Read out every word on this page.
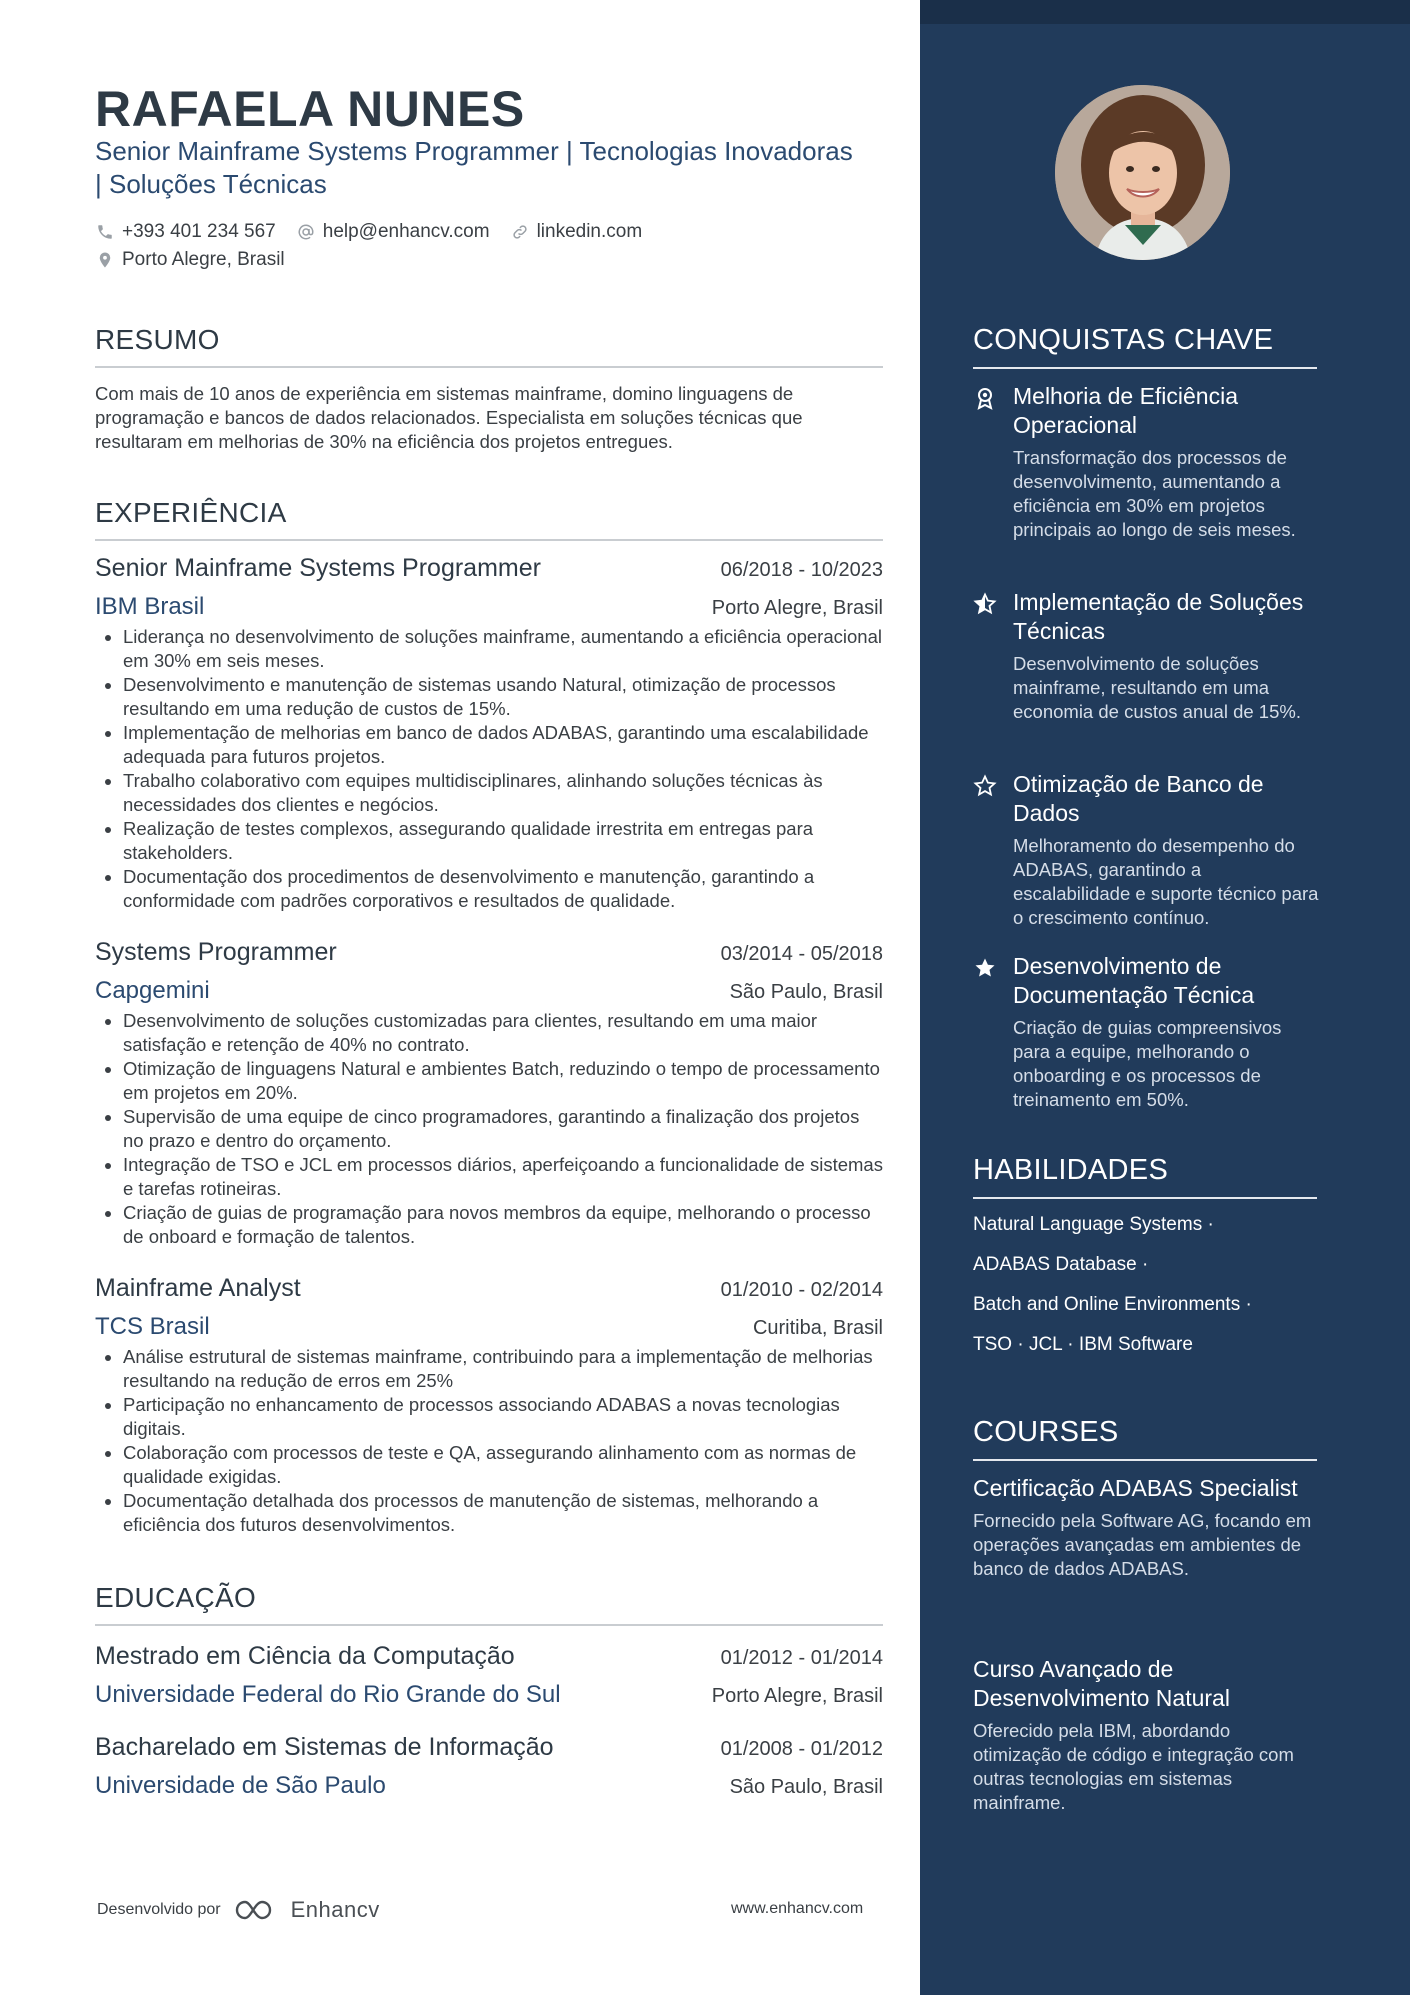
RAFAELA NUNES
Senior Mainframe Systems Programmer | Tecnologias Inovadoras | Soluções Técnicas
+393 401 234 567 help@enhancv.com linkedin.com
Porto Alegre, Brasil
RESUMO
Com mais de 10 anos de experiência em sistemas mainframe, domino linguagens de programação e bancos de dados relacionados. Especialista em soluções técnicas que resultaram em melhorias de 30% na eficiência dos projetos entregues.
EXPERIÊNCIA
Senior Mainframe Systems Programmer	06/2018 - 10/2023
IBM Brasil	Porto Alegre, Brasil
Liderança no desenvolvimento de soluções mainframe, aumentando a eficiência operacional em 30% em seis meses.
Desenvolvimento e manutenção de sistemas usando Natural, otimização de processos resultando em uma redução de custos de 15%.
Implementação de melhorias em banco de dados ADABAS, garantindo uma escalabilidade adequada para futuros projetos.
Trabalho colaborativo com equipes multidisciplinares, alinhando soluções técnicas às necessidades dos clientes e negócios.
Realização de testes complexos, assegurando qualidade irrestrita em entregas para stakeholders.
Documentação dos procedimentos de desenvolvimento e manutenção, garantindo a conformidade com padrões corporativos e resultados de qualidade.
Systems Programmer	03/2014 - 05/2018
Capgemini	São Paulo, Brasil
Desenvolvimento de soluções customizadas para clientes, resultando em uma maior satisfação e retenção de 40% no contrato.
Otimização de linguagens Natural e ambientes Batch, reduzindo o tempo de processamento em projetos em 20%.
Supervisão de uma equipe de cinco programadores, garantindo a finalização dos projetos no prazo e dentro do orçamento.
Integração de TSO e JCL em processos diários, aperfeiçoando a funcionalidade de sistemas e tarefas rotineiras.
Criação de guias de programação para novos membros da equipe, melhorando o processo de onboard e formação de talentos.
Mainframe Analyst	01/2010 - 02/2014
TCS Brasil	Curitiba, Brasil
Análise estrutural de sistemas mainframe, contribuindo para a implementação de melhorias resultando na redução de erros em 25%
Participação no enhancamento de processos associando ADABAS a novas tecnologias digitais.
Colaboração com processos de teste e QA, assegurando alinhamento com as normas de qualidade exigidas.
Documentação detalhada dos processos de manutenção de sistemas, melhorando a eficiência dos futuros desenvolvimentos.
EDUCAÇÃO
Mestrado em Ciência da Computação	01/2012 - 01/2014
Universidade Federal do Rio Grande do Sul	Porto Alegre, Brasil
Bacharelado em Sistemas de Informação	01/2008 - 01/2012
Universidade de São Paulo	São Paulo, Brasil
Desenvolvido por	Enhancv	www.enhancv.com
CONQUISTAS CHAVE
Melhoria de Eficiência Operacional
Transformação dos processos de desenvolvimento, aumentando a eficiência em 30% em projetos principais ao longo de seis meses.
Implementação de Soluções Técnicas
Desenvolvimento de soluções mainframe, resultando em uma economia de custos anual de 15%.
Otimização de Banco de Dados
Melhoramento do desempenho do ADABAS, garantindo a escalabilidade e suporte técnico para o crescimento contínuo.
Desenvolvimento de Documentação Técnica
Criação de guias compreensivos para a equipe, melhorando o onboarding e os processos de treinamento em 50%.
HABILIDADES
Natural Language Systems ·
ADABAS Database ·
Batch and Online Environments ·
TSO · JCL · IBM Software
COURSES
Certificação ADABAS Specialist
Fornecido pela Software AG, focando em operações avançadas em ambientes de banco de dados ADABAS.
Curso Avançado de Desenvolvimento Natural
Oferecido pela IBM, abordando otimização de código e integração com outras tecnologias em sistemas mainframe.
